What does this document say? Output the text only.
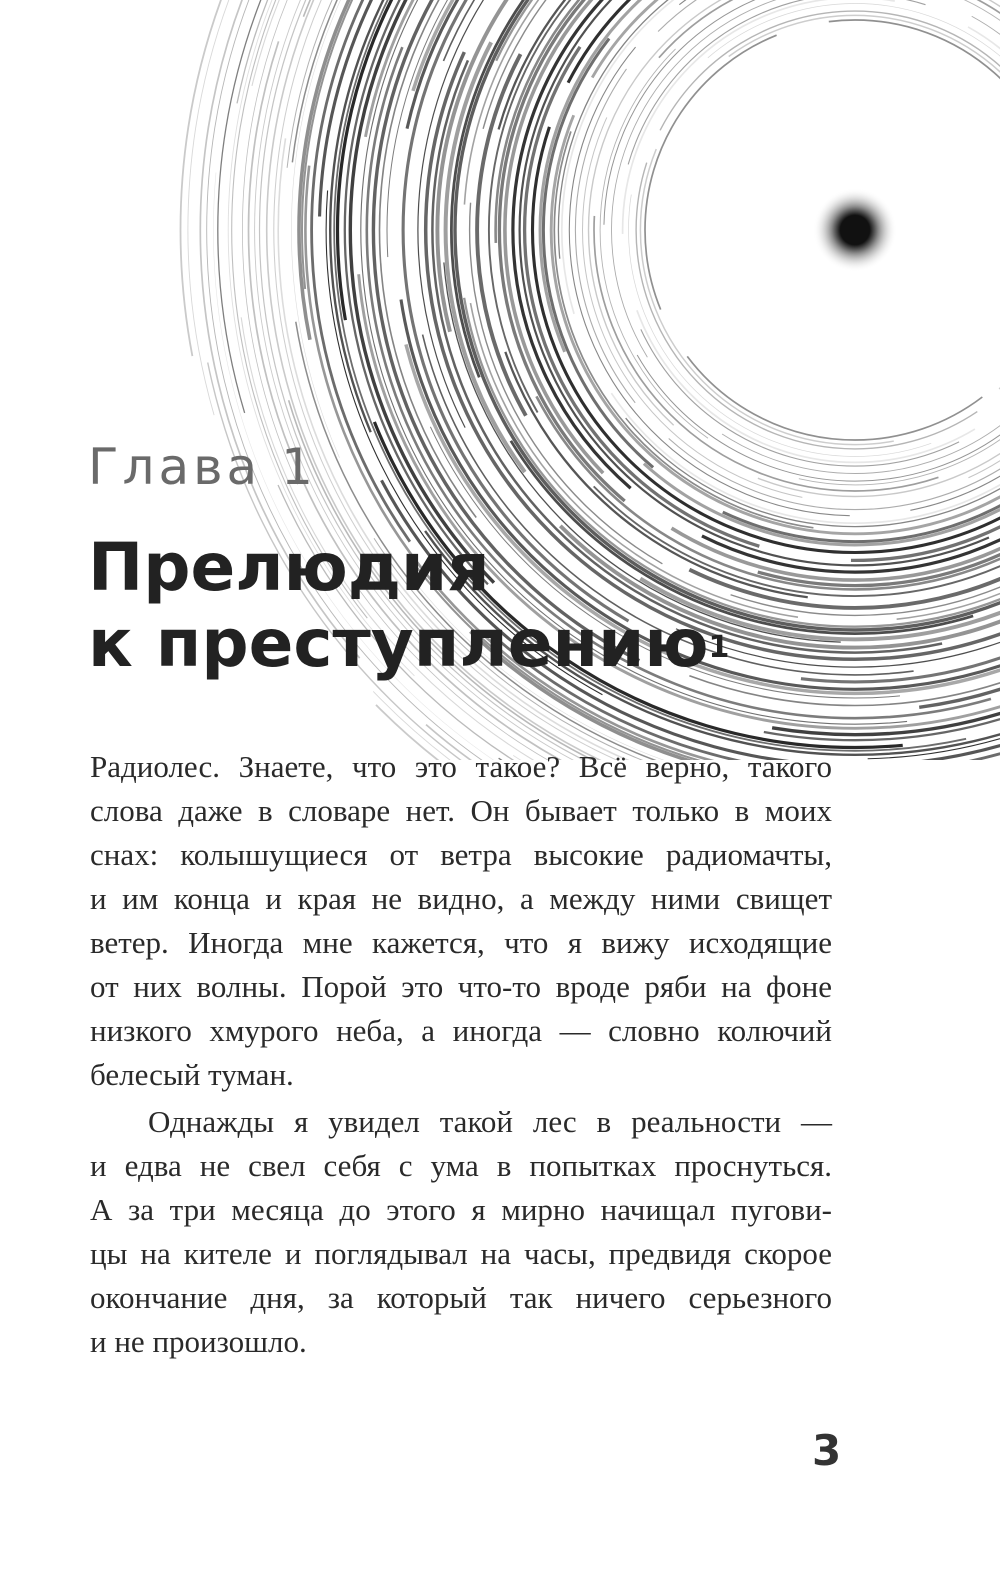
Глава 1
Прелюдия
к преступлению$^1$
Радиолес. Знаете, что это такое? Всё верно, такого
слова даже в словаре нет. Он бывает только в моих
снах: колышущиеся от ветра высокие радиомачты,
и им конца и края не видно, а между ними свищет
ветер. Иногда мне кажется, что я вижу исходящие
от них волны. Порой это что-то вроде ряби на фоне
низкого хмурого неба, а иногда — словно колючий
белесый туман.
Однажды я увидел такой лес в реальности —
и едва не свел себя с ума в попытках проснуться.
А за три месяца до этого я мирно начищал пугови-
цы на кителе и поглядывал на часы, предвидя скорое
окончание дня, за который так ничего серьезного
и не произошло.
3
